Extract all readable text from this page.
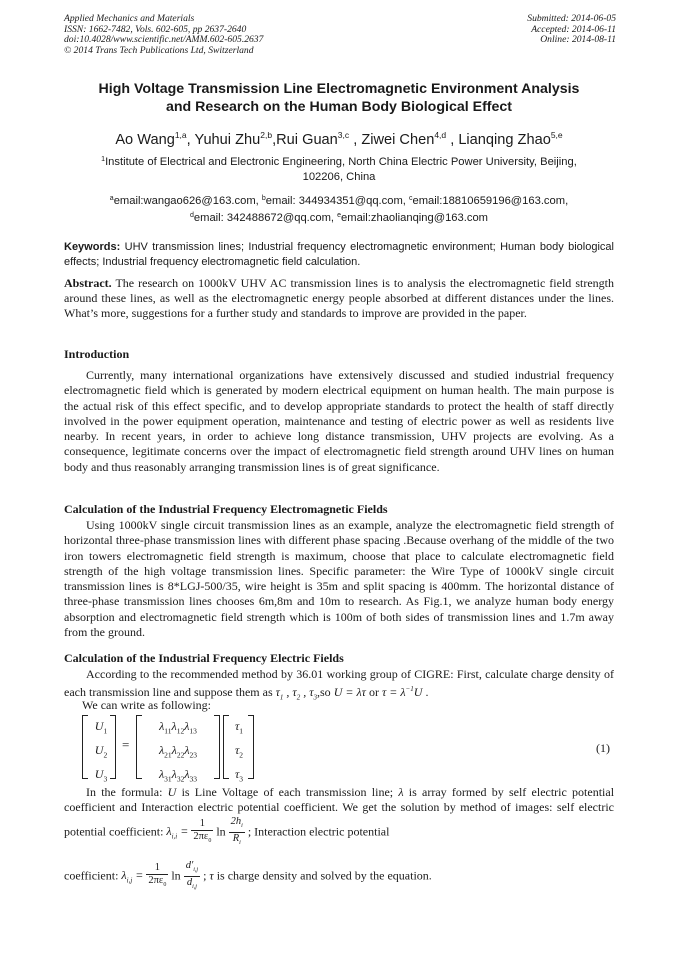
Applied Mechanics and Materials
ISSN: 1662-7482, Vols. 602-605, pp 2637-2640
doi:10.4028/www.scientific.net/AMM.602-605.2637
© 2014 Trans Tech Publications Ltd, Switzerland
Submitted: 2014-06-05
Accepted: 2014-06-11
Online: 2014-08-11
High Voltage Transmission Line Electromagnetic Environment Analysis
and Research on the Human Body Biological Effect
Ao Wang$^{1,a}$, Yuhui Zhu$^{2,b}$,Rui Guan$^{3,c}$ , Ziwei Chen$^{4,d}$ , Lianqing Zhao$^{5,e}$
$^1$Institute of Electrical and Electronic Engineering, North China Electric Power University, Beijing,
102206, China
$^a$email:wangao626@163.com, $^b$email: 344934351@qq.com, $^c$email:18810659196@163.com,
$^d$email: 342488672@qq.com, $^e$email:zhaolianqing@163.com
Keywords: UHV transmission lines; Industrial frequency electromagnetic environment; Human body biological effects; Industrial frequency electromagnetic field calculation.
Abstract. The research on 1000kV UHV AC transmission lines is to analysis the electromagnetic field strength around these lines, as well as the electromagnetic energy people absorbed at different distances under the lines. What’s more, suggestions for a further study and standards to improve are provided in the paper.
Introduction
Currently, many international organizations have extensively discussed and studied industrial frequency electromagnetic field which is generated by modern electrical equipment on human health. The main purpose is the actual risk of this effect specific, and to develop appropriate standards to protect the health of staff directly involved in the power equipment operation, maintenance and testing of electric power as well as residents live nearby. In recent years, in order to achieve long distance transmission, UHV projects are evolving. As a consequence, legitimate concerns over the impact of electromagnetic field strength around UHV lines on human body and thus reasonably arranging transmission lines is of great significance.
Calculation of the Industrial Frequency Electromagnetic Fields
Using 1000kV single circuit transmission lines as an example, analyze the electromagnetic field strength of horizontal three-phase transmission lines with different phase spacing .Because overhang of the middle of the two iron towers electromagnetic field strength is maximum, choose that place to calculate electromagnetic field strength of the high voltage transmission lines. Specific parameter: the Wire Type of 1000kV single circuit transmission lines is 8*LGJ-500/35, wire height is 35m and split spacing is 400mm. The horizontal distance of three-phase transmission lines chooses 6m,8m and 10m to research. As Fig.1, we analyze human body energy absorption and electromagnetic field strength which is 100m of both sides of transmission lines and 1.7m away from the ground.
Calculation of the Industrial Frequency Electric Fields
According to the recommended method by 36.01 working group of CIGRE: First, calculate charge density of each transmission line and suppose them as $\tau_1$ , $\tau_2$ , $\tau_3,so$ U = λτ or $\tau = \lambda^{-1}U$ .
We can write as following:
$U_1$
$U_2$
$U_3$
=
$\lambda_{11}\lambda_{12}\lambda_{13}$
$\lambda_{21}\lambda_{22}\lambda_{23}$
$\lambda_{31}\lambda_{32}\lambda_{33}$
$\tau_1$
$\tau_2$
$\tau_3$
(1)
In the formula: U is Line Voltage of each transmission line; λ is array formed by self electric potential coefficient and Interaction electric potential coefficient. We get the solution by method of images: self electric potential coefficient: $\lambda_{i,i} = \frac{1}{2\pi\varepsilon_0}$ $\ln \frac{2h_i}{R_i}$ ; Interaction electric potential
coefficient: $\lambda_{i,j} = \frac{1}{2\pi\varepsilon_0}$ $\ln \frac{d'_{i,j}}{d_{i,j}}$ ; τ is charge density and solved by the equation.
